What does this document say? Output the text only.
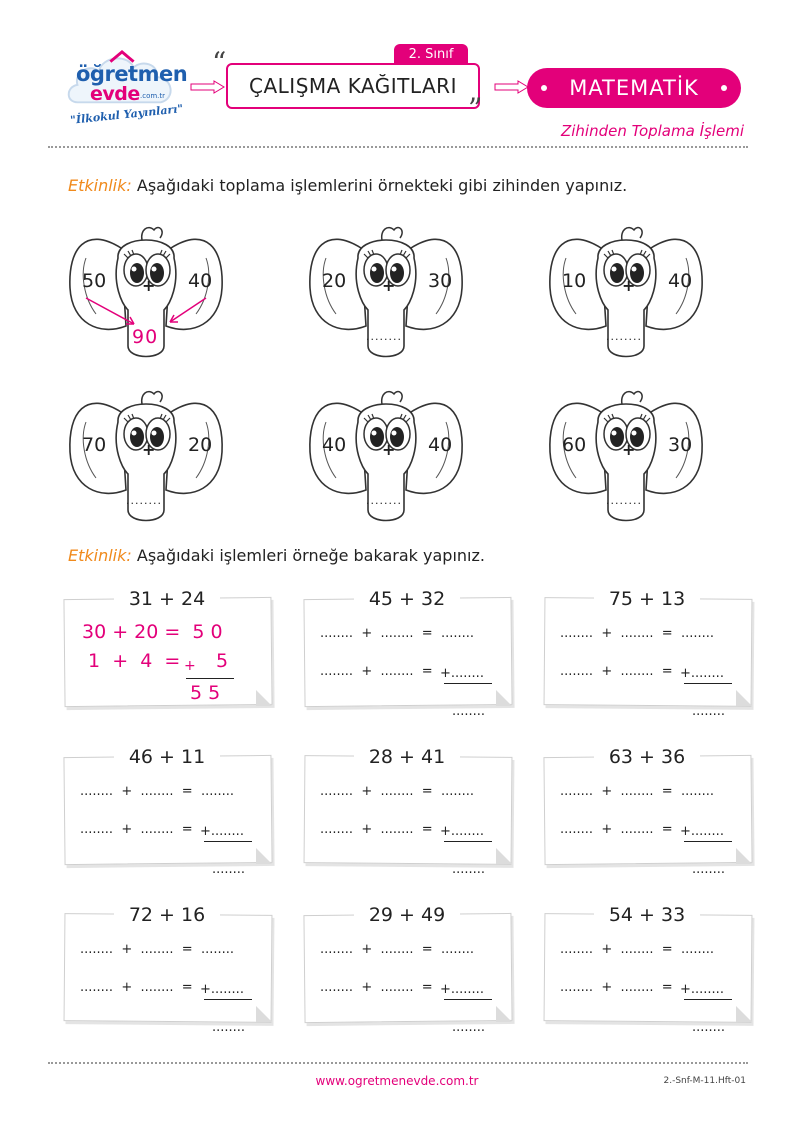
öğretmen
evde .com.tr
"İlkokul Yayınları"
2. Sınıf
“
ÇALIŞMA KAĞITLARI
”
MATEMATİK
Zihinden Toplama İşlemi
Etkinlik: Aşağıdaki toplama işlemlerini örnekteki gibi zihinden yapınız.
50	40
+
90
20	30
+
........
10	40
+
........
70	20
+
........
40	40
+
........
60	30
+
........
Etkinlik: Aşağıdaki işlemleri örneğe bakarak yapınız.
31 + 24
30 + 20 =  5 0
1  +  4  =
+ 5
5 5
45 + 32
........  +  ........  =  ........
........  +  ........  = +........
........
75 + 13
........  +  ........  =  ........
........  +  ........  = +........
........
46 + 11
........  +  ........  =  ........
........  +  ........  = +........
........
28 + 41
........  +  ........  =  ........
........  +  ........  = +........
........
63 + 36
........  +  ........  =  ........
........  +  ........  = +........
........
72 + 16
........  +  ........  =  ........
........  +  ........  = +........
........
29 + 49
........  +  ........  =  ........
........  +  ........  = +........
........
54 + 33
........  +  ........  =  ........
........  +  ........  = +........
........
www.ogretmenevde.com.tr	2.-Snf-M-11.Hft-01
